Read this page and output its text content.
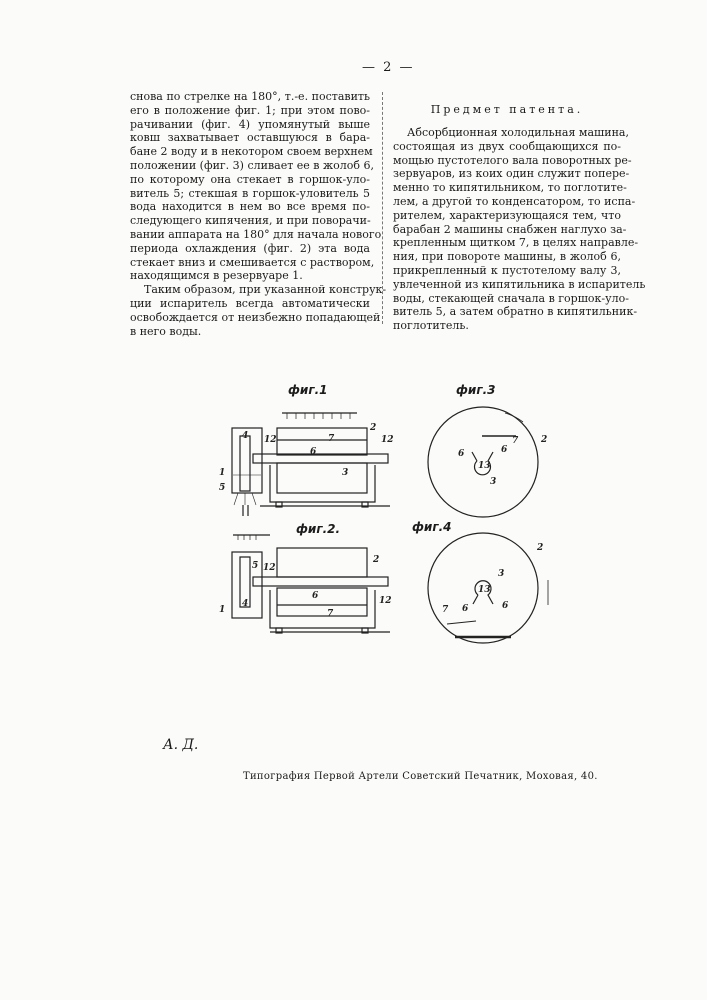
— 2 —
снова по стрелке на 180°, т.-е. поставить
его в положение фиг. 1; при этом пово-
рачивании (фиг. 4) упомянутый выше
ковш захватывает оставшуюся в бара-
бане 2 воду и в некотором своем верхнем
положении (фиг. 3) сливает ее в жолоб 6,
по которому она стекает в горшок-уло-
витель 5; стекшая в горшок-уловитель 5
вода находится в нем во все время по-
следующего кипячения, и при поворачи-
вании аппарата на 180° для начала нового
периода охлаждения (фиг. 2) эта вода
стекает вниз и смешивается с раствором,
находящимся в резервуаре 1.
Таким образом, при указанной конструк-
ции испаритель всегда автоматически
освобождается от неизбежно попадающей
в него воды.
Предмет патента.
Абсорбционная холодильная машина,
состоящая из двух сообщающихся по-
мощью пустотелого вала поворотных ре-
зервуаров, из коих один служит попере-
менно то кипятильником, то поглотите-
лем, а другой то конденсатором, то испа-
рителем, характеризующаяся тем, что
барабан 2 машины снабжен наглухо за-
крепленным щитком 7, в целях направле-
ния, при повороте машины, в жолоб 6,
прикрепленный к пустотелому валу 3,
увлеченной из кипятильника в испаритель
воды, стекающей сначала в горшок-уло-
витель 5, а затем обратно в кипятильник-
поглотитель.
фиг.1	фиг.3
фиг.2.	фиг.4
1
2
3
4
5
6
7
12	12
1
2
4
5
6
7
12
12
2
3
6	6
7
13
2
3
6	6
7
13
А. Д.
Типография Первой Артели Советский Печатник, Моховая, 40.
